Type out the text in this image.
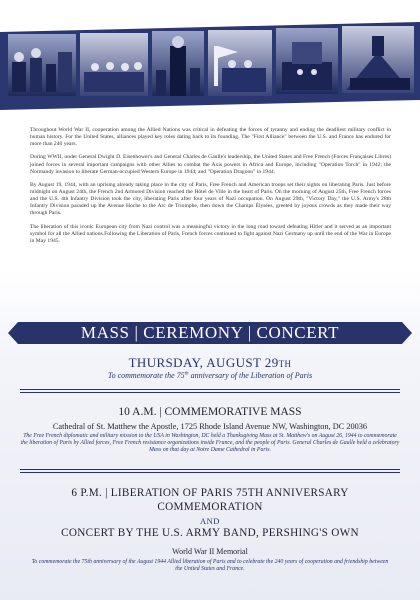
Throughout World War II, cooperation among the Allied Nations was critical in defeating the forces of tyranny and ending the deadliest military conflict in human history. For the United States, alliances played key roles dating back to its founding. The "First Alliance" between the U.S. and France has endured for more than 240 years.

During WWII, under General Dwight D. Eisenhower's and General Charles de Gaulle's leadership, the United States and Free French (Forces Françaises Libres) joined forces in several important campaigns with other Allies to combat the Axis powers in Africa and Europe, including "Operation Torch" in 1942; the Normandy invasion to liberate German-occupied Western Europe in 1944; and "Operation Dragoon" in 1944.

By August 19, 1944, with an uprising already taking place in the city of Paris, Free French and American troops set their sights on liberating Paris. Just before midnight on August 24th, the French 2nd Armored Division reached the Hôtel de Ville in the heart of Paris. On the morning of August 25th, Free French forces and the U.S. 4th Infantry Division took the city, liberating Paris after four years of Nazi occupation. On August 29th, "Victory Day," the U.S. Army's 28th Infantry Division paraded up the Avenue Hoche to the Arc de Triomphe, then down the Champs Élysées, greeted by joyous crowds as they made their way through Paris.

The liberation of this iconic European city from Nazi control was a meaningful victory in the long road toward defeating Hitler and it served as an important symbol for all the Allied nations.Following the Liberation of Paris, French forces continued to fight against Nazi Germany up until the end of the War in Europe in May 1945.

MASS | CEREMONY | CONCERT
THURSDAY, AUGUST 29TH
To commemorate the 75th anniversary of the Liberation of Paris
10 A.M. | COMMEMORATIVE MASS
Cathedral of St. Matthew the Apostle, 1725 Rhode Island Avenue NW, Washington, DC 20036
The Free French diplomatic and military mission to the USA in Washington, DC held a Thanksgiving Mass at St. Matthew's on August 26, 1944 to commemorate the liberation of Paris by Allied forces, Free French resistance organizations inside France, and the people of Paris. General Charles de Gaulle held a celebratory Mass on that day at Notre Dame Cathedral in Paris.
6 P.M. | LIBERATION OF PARIS 75TH ANNIVERSARY
COMMEMORATION
AND
CONCERT BY THE U.S. ARMY BAND, PERSHING'S OWN
World War II Memorial
To commemorate the 75th anniversary of the August 1944 Allied liberation of Paris and to celebrate the 240 years of cooperation and friendship between the United States and France.
